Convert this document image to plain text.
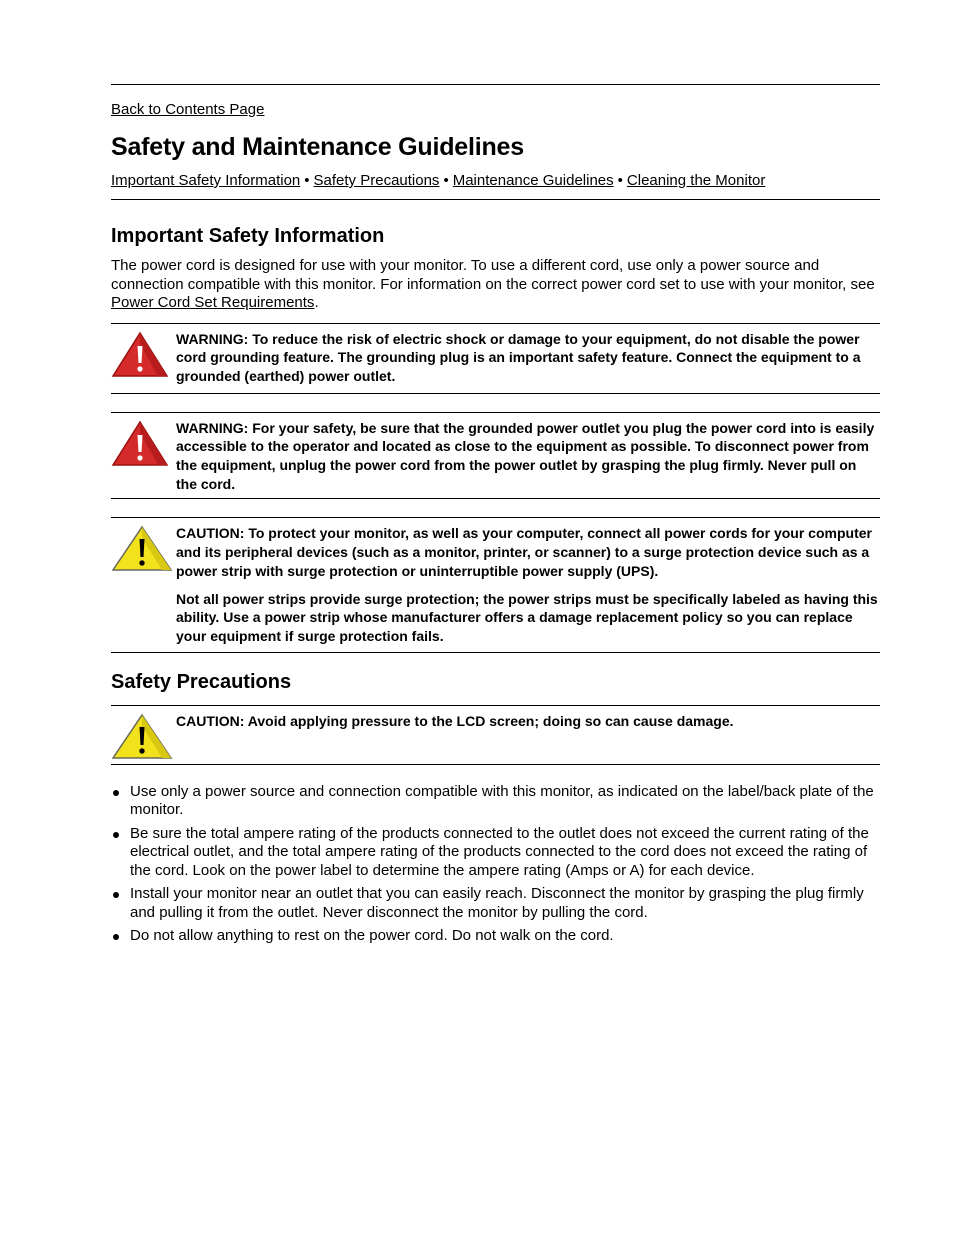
Back to Contents Page
Safety and Maintenance Guidelines
Important Safety Information • Safety Precautions • Maintenance Guidelines • Cleaning the Monitor
Important Safety Information

The power cord is designed for use with your monitor. To use a different cord, use only a power source and connection compatible with this monitor. For information on the correct power cord set to use with your monitor, see Power Cord Set Requirements.

WARNING: To reduce the risk of electric shock or damage to your equipment, do not disable the power cord grounding feature. The grounding plug is an important safety feature. Connect the equipment to a grounded (earthed) power outlet.

WARNING: For your safety, be sure that the grounded power outlet you plug the power cord into is easily accessible to the operator and located as close to the equipment as possible. To disconnect power from the equipment, unplug the power cord from the power outlet by grasping the plug firmly. Never pull on the cord.

CAUTION: To protect your monitor, as well as your computer, connect all power cords for your computer and its peripheral devices (such as a monitor, printer, or scanner) to a surge protection device such as a power strip with surge protection or uninterruptible power supply (UPS).

Not all power strips provide surge protection; the power strips must be specifically labeled as having this ability. Use a power strip whose manufacturer offers a damage replacement policy so you can replace your equipment if surge protection fails.

Safety Precautions

CAUTION: Avoid applying pressure to the LCD screen; doing so can cause damage.

Use only a power source and connection compatible with this monitor, as indicated on the label/back plate of the monitor.
Be sure the total ampere rating of the products connected to the outlet does not exceed the current rating of the electrical outlet, and the total ampere rating of the products connected to the cord does not exceed the rating of the cord. Look on the power label to determine the ampere rating (Amps or A) for each device.
Install your monitor near an outlet that you can easily reach. Disconnect the monitor by grasping the plug firmly and pulling it from the outlet. Never disconnect the monitor by pulling the cord.
Do not allow anything to rest on the power cord. Do not walk on the cord.
